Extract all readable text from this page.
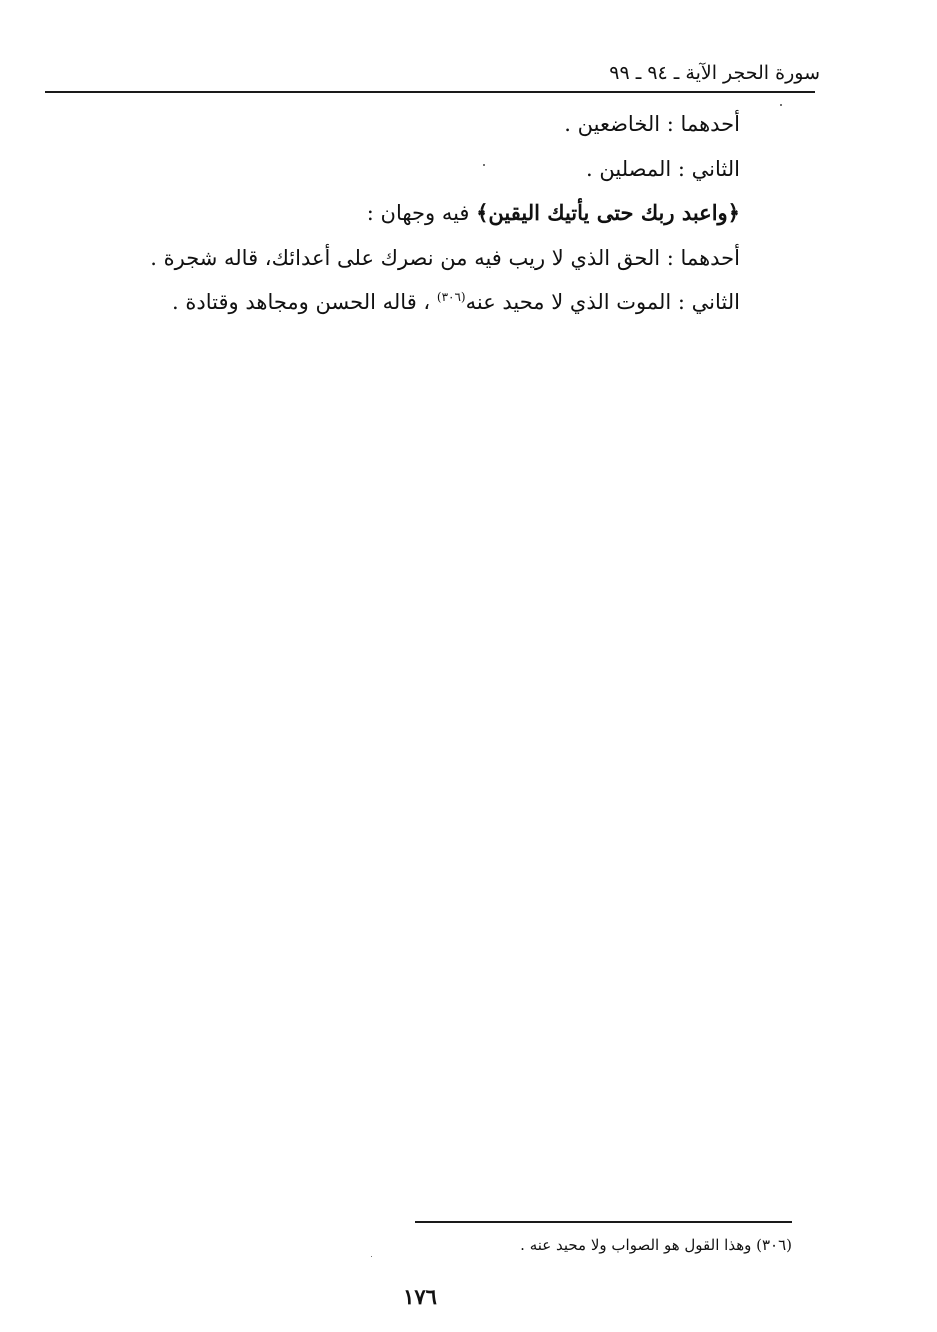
سورة الحجر الآية ـ ٩٤ ـ ٩٩
أحدهما : الخاضعين .
الثاني : المصلين .
﴿واعبد ربك حتى يأتيك اليقين﴾ فيه وجهان :
أحدهما : الحق الذي لا ريب فيه من نصرك على أعدائك، قاله شجرة .
الثاني : الموت الذي لا محيد عنه$^{(٣٠٦)}$ ، قاله الحسن ومجاهد وقتادة .
(٣٠٦) وهذا القول هو الصواب ولا محيد عنه .
١٧٦
